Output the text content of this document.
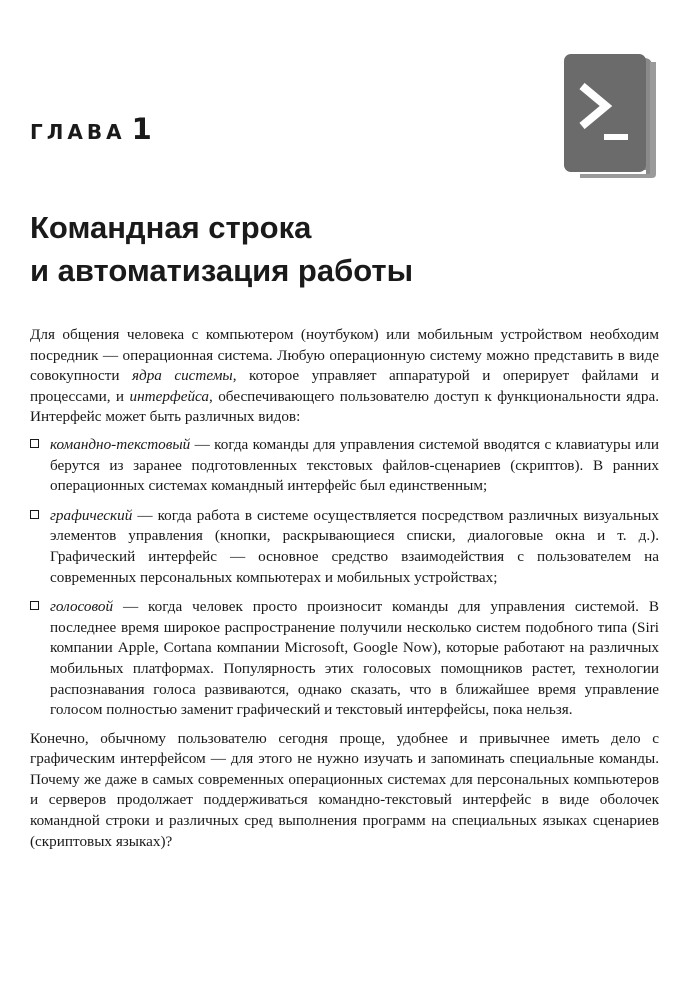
ГЛАВА 1
Командная строка
и автоматизация работы

Для общения человека с компьютером (ноутбуком) или мобильным устройством необходим посредник — операционная система. Любую операционную систему можно представить в виде совокупности ядра системы, которое управляет аппаратурой и оперирует файлами и процессами, и интерфейса, обеспечивающего пользователю доступ к функциональности ядра. Интерфейс может быть различных видов:

командно-текстовый — когда команды для управления системой вводятся с клавиатуры или берутся из заранее подготовленных текстовых файлов-сценариев (скриптов). В ранних операционных системах командный интерфейс был единственным;
графический — когда работа в системе осуществляется посредством различных визуальных элементов управления (кнопки, раскрывающиеся списки, диалоговые окна и т. д.). Графический интерфейс — основное средство взаимодействия с пользователем на современных персональных компьютерах и мобильных устройствах;
голосовой — когда человек просто произносит команды для управления системой. В последнее время широкое распространение получили несколько систем подобного типа (Siri компании Apple, Cortana компании Microsoft, Google Now), которые работают на различных мобильных платформах. Популярность этих голосовых помощников растет, технологии распознавания голоса развиваются, однако сказать, что в ближайшее время управление голосом полностью заменит графический и текстовый интерфейсы, пока нельзя.

Конечно, обычному пользователю сегодня проще, удобнее и привычнее иметь дело с графическим интерфейсом — для этого не нужно изучать и запоминать специальные команды. Почему же даже в самых современных операционных системах для персональных компьютеров и серверов продолжает поддерживаться командно-текстовый интерфейс в виде оболочек командной строки и различных сред выполнения программ на специальных языках сценариев (скриптовых языках)?
